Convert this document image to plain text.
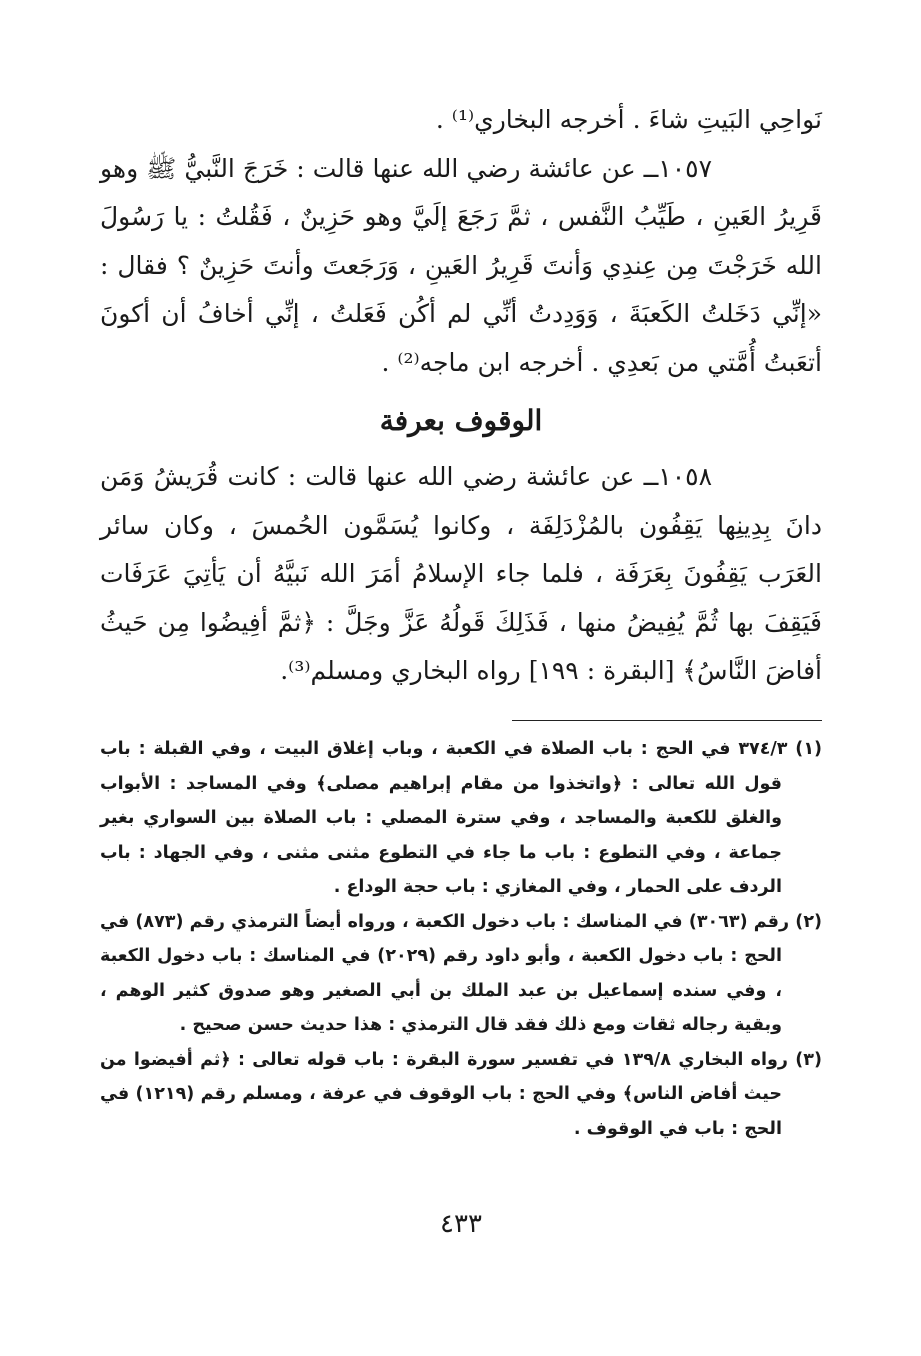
نَواحِي البَيتِ شاءَ . أخرجه البخاري⁽¹⁾ .

١٠٥٧ــ عن عائشة رضي الله عنها قالت : خَرَجَ النَّبيُّ ﷺ وهو قَرِيرُ العَينِ ، طَيِّبُ النَّفس ، ثمَّ رَجَعَ إلَيَّ وهو حَزِينٌ ، فَقُلتُ : يا رَسُولَ الله خَرَجْتَ مِن عِندِي وَأنتَ قَرِيرُ العَينِ ، وَرَجَعتَ وأنتَ حَزِينٌ ؟ فقال : «إنِّي دَخَلتُ الكَعبَةَ ، وَوَدِدتُ أنِّي لم أكُن فَعَلتُ ، إنِّي أخافُ أن أكونَ أتعَبتُ أُمَّتي من بَعدِي . أخرجه ابن ماجه⁽²⁾ .

الوقوف بعرفة

١٠٥٨ــ عن عائشة رضي الله عنها قالت : كانت قُرَيشُ وَمَن دانَ بِدِينِها يَقِفُون بالمُزْدَلِفَة ، وكانوا يُسَمَّون الحُمسَ ، وكان سائر العَرَب يَقِفُونَ بِعَرَفَة ، فلما جاء الإسلامُ أمَرَ الله نَبيَّهُ أن يَأتِيَ عَرَفَات فَيَقِفَ بها ثُمَّ يُفِيضُ منها ، فَذَلِكَ قَولُهُ عَزَّ وجَلَّ : ﴿ثمَّ أفِيضُوا مِن حَيثُ أفاضَ النَّاسُ﴾ [البقرة : ١٩٩] رواه البخاري ومسلم⁽³⁾.

(١) ٣٧٤/٣ في الحج : باب الصلاة في الكعبة ، وباب إغلاق البيت ، وفي القبلة : باب قول الله تعالى : ﴿واتخذوا من مقام إبراهيم مصلى﴾ وفي المساجد : الأبواب والغلق للكعبة والمساجد ، وفي سترة المصلي : باب الصلاة بين السواري بغير جماعة ، وفي التطوع : باب ما جاء في التطوع مثنى مثنى ، وفي الجهاد : باب الردف على الحمار ، وفي المغازي : باب حجة الوداع .

(٢) رقم (٣٠٦٣) في المناسك : باب دخول الكعبة ، ورواه أيضاً الترمذي رقم (٨٧٣) في الحج : باب دخول الكعبة ، وأبو داود رقم (٢٠٢٩) في المناسك : باب دخول الكعبة ، وفي سنده إسماعيل بن عبد الملك بن أبي الصغير وهو صدوق كثير الوهم ، وبقية رجاله ثقات ومع ذلك فقد قال الترمذي : هذا حديث حسن صحيح .

(٣) رواه البخاري ١٣٩/٨ في تفسير سورة البقرة : باب قوله تعالى : ﴿ثم أفيضوا من حيث أفاض الناس﴾ وفي الحج : باب الوقوف في عرفة ، ومسلم رقم (١٢١٩) في الحج : باب في الوقوف .

٤٣٣
